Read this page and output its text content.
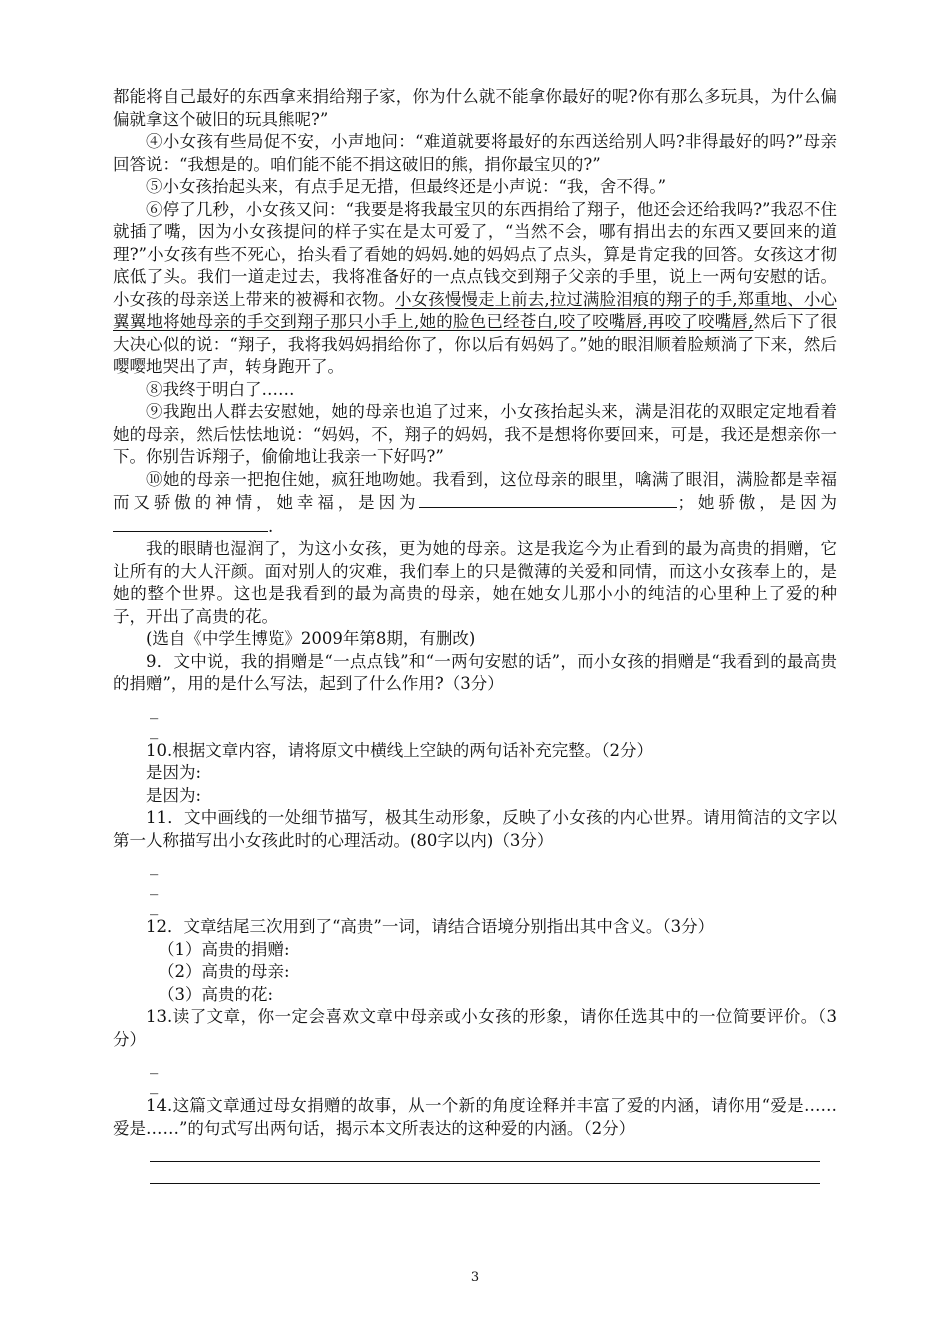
都能将自己最好的东西拿来捐给翔子家，你为什么就不能拿你最好的呢?你有那么多玩具，为什么偏偏就拿这个破旧的玩具熊呢?”

④小女孩有些局促不安，小声地问：“难道就要将最好的东西送给别人吗?非得最好的吗?”母亲回答说：“我想是的。咱们能不能不捐这破旧的熊，捐你最宝贝的?”

⑤小女孩抬起头来，有点手足无措，但最终还是小声说：“我，舍不得。”

⑥停了几秒，小女孩又问：“我要是将我最宝贝的东西捐给了翔子，他还会还给我吗?”我忍不住就插了嘴，因为小女孩提问的样子实在是太可爱了，“当然不会，哪有捐出去的东西又要回来的道理?”小女孩有些不死心，抬头看了看她的妈妈.她的妈妈点了点头，算是肯定我的回答。女孩这才彻底低了头。我们一道走过去，我将准备好的一点点钱交到翔子父亲的手里，说上一两句安慰的话。小女孩的母亲送上带来的被褥和衣物。小女孩慢慢走上前去,拉过满脸泪痕的翔子的手,郑重地、小心翼翼地将她母亲的手交到翔子那只小手上,她的脸色已经苍白,咬了咬嘴唇,再咬了咬嘴唇,然后下了很大决心似的说：“翔子，我将我妈妈捐给你了，你以后有妈妈了。”她的眼泪顺着脸颊淌了下来，然后嘤嘤地哭出了声，转身跑开了。

⑧我终于明白了……

⑨我跑出人群去安慰她，她的母亲也追了过来，小女孩抬起头来，满是泪花的双眼定定地看着她的母亲，然后怯怯地说：“妈妈，不，翔子的妈妈，我不是想将你要回来，可是，我还是想亲你一下。你别告诉翔子，偷偷地让我亲一下好吗?”

⑩她的母亲一把抱住她，疯狂地吻她。我看到，这位母亲的眼里，噙满了眼泪，满脸都是幸福而又骄傲的神情，她幸福，是因为	；她骄傲，是因为.

我的眼睛也湿润了，为这小女孩，更为她的母亲。这是我迄今为止看到的最为高贵的捐赠，它让所有的大人汗颜。面对别人的灾难，我们奉上的只是微薄的关爱和同情，而这小女孩奉上的，是她的整个世界。这也是我看到的最为高贵的母亲，她在她女儿那小小的纯洁的心里种上了爱的种子，开出了高贵的花。

(选自《中学生博览》2009年第8期，有删改)

9．文中说，我的捐赠是“一点点钱”和“一两句安慰的话”，而小女孩的捐赠是“我看到的最高贵的捐赠”，用的是什么写法，起到了什么作用?（3分）

_

_

10.根据文章内容，请将原文中横线上空缺的两句话补充完整。（2分）

是因为:

是因为:

11．文中画线的一处细节描写，极其生动形象，反映了小女孩的内心世界。请用简洁的文字以第一人称描写出小女孩此时的心理活动。(80字以内)（3分）

_

_

_

12．文章结尾三次用到了“高贵”一词，请结合语境分别指出其中含义。（3分）

（1）高贵的捐赠:

（2）高贵的母亲:

（3）高贵的花:

13.读了文章，你一定会喜欢文章中母亲或小女孩的形象，请你任选其中的一位简要评价。（3分）

_

_

14.这篇文章通过母女捐赠的故事，从一个新的角度诠释并丰富了爱的内涵，请你用“爱是……爱是……”的句式写出两句话，揭示本文所表达的这种爱的内涵。（2分）

3
